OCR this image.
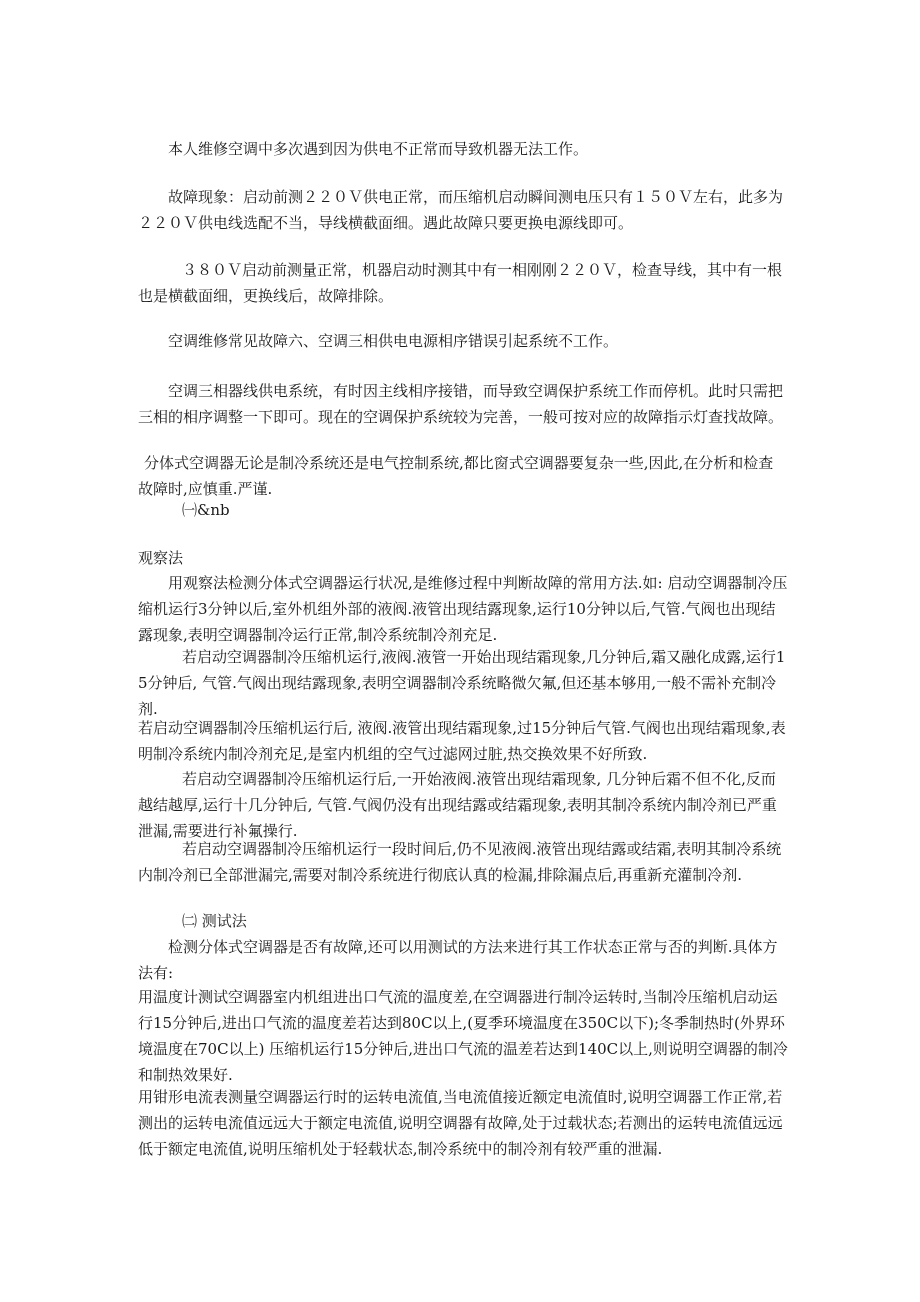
本人维修空调中多次遇到因为供电不正常而导致机器无法工作。

故障现象：启动前测２２０Ｖ供电正常，而压缩机启动瞬间测电压只有１５０Ｖ左右，此多为２２０Ｖ供电线选配不当，导线横截面细。遇此故障只要更换电源线即可。

３８０Ｖ启动前测量正常，机器启动时测其中有一相刚刚２２０Ｖ，检查导线，其中有一根也是横截面细，更换线后，故障排除。

空调维修常见故障六、空调三相供电电源相序错误引起系统不工作。

空调三相器线供电系统，有时因主线相序接错，而导致空调保护系统工作而停机。此时只需把三相的相序调整一下即可。现在的空调保护系统较为完善，一般可按对应的故障指示灯查找故障。

分体式空调器无论是制冷系统还是电气控制系统,都比窗式空调器要复杂一些,因此,在分析和检查故障时,应慎重.严谨.

㈠&nb

观察法

用观察法检测分体式空调器运行状况,是维修过程中判断故障的常用方法.如: 启动空调器制冷压缩机运行3分钟以后,室外机组外部的液阀.液管出现结露现象,运行10分钟以后,气管.气阀也出现结露现象,表明空调器制冷运行正常,制冷系统制冷剂充足.

若启动空调器制冷压缩机运行,液阀.液管一开始出现结霜现象,几分钟后,霜又融化成露,运行15分钟后, 气管.气阀出现结露现象,表明空调器制冷系统略微欠氟,但还基本够用,一般不需补充制冷剂.

若启动空调器制冷压缩机运行后, 液阀.液管出现结霜现象,过15分钟后气管.气阀也出现结霜现象,表明制冷系统内制冷剂充足,是室内机组的空气过滤网过脏,热交换效果不好所致.

若启动空调器制冷压缩机运行后,一开始液阀.液管出现结霜现象, 几分钟后霜不但不化,反而越结越厚,运行十几分钟后, 气管.气阀仍没有出现结露或结霜现象,表明其制冷系统内制冷剂已严重泄漏,需要进行补氟操行.

若启动空调器制冷压缩机运行一段时间后,仍不见液阀.液管出现结露或结霜,表明其制冷系统内制冷剂已全部泄漏完,需要对制冷系统进行彻底认真的检漏,排除漏点后,再重新充灌制冷剂.

㈡ 测试法

检测分体式空调器是否有故障,还可以用测试的方法来进行其工作状态正常与否的判断.具体方法有:

用温度计测试空调器室内机组进出口气流的温度差,在空调器进行制冷运转时,当制冷压缩机启动运行15分钟后,进出口气流的温度差若达到80C以上,(夏季环境温度在350C以下);冬季制热时(外界环境温度在70C以上) 压缩机运行15分钟后,进出口气流的温差若达到140C以上,则说明空调器的制冷和制热效果好.

用钳形电流表测量空调器运行时的运转电流值,当电流值接近额定电流值时,说明空调器工作正常,若测出的运转电流值远远大于额定电流值,说明空调器有故障,处于过载状态;若测出的运转电流值远远低于额定电流值,说明压缩机处于轻载状态,制冷系统中的制冷剂有较严重的泄漏.
